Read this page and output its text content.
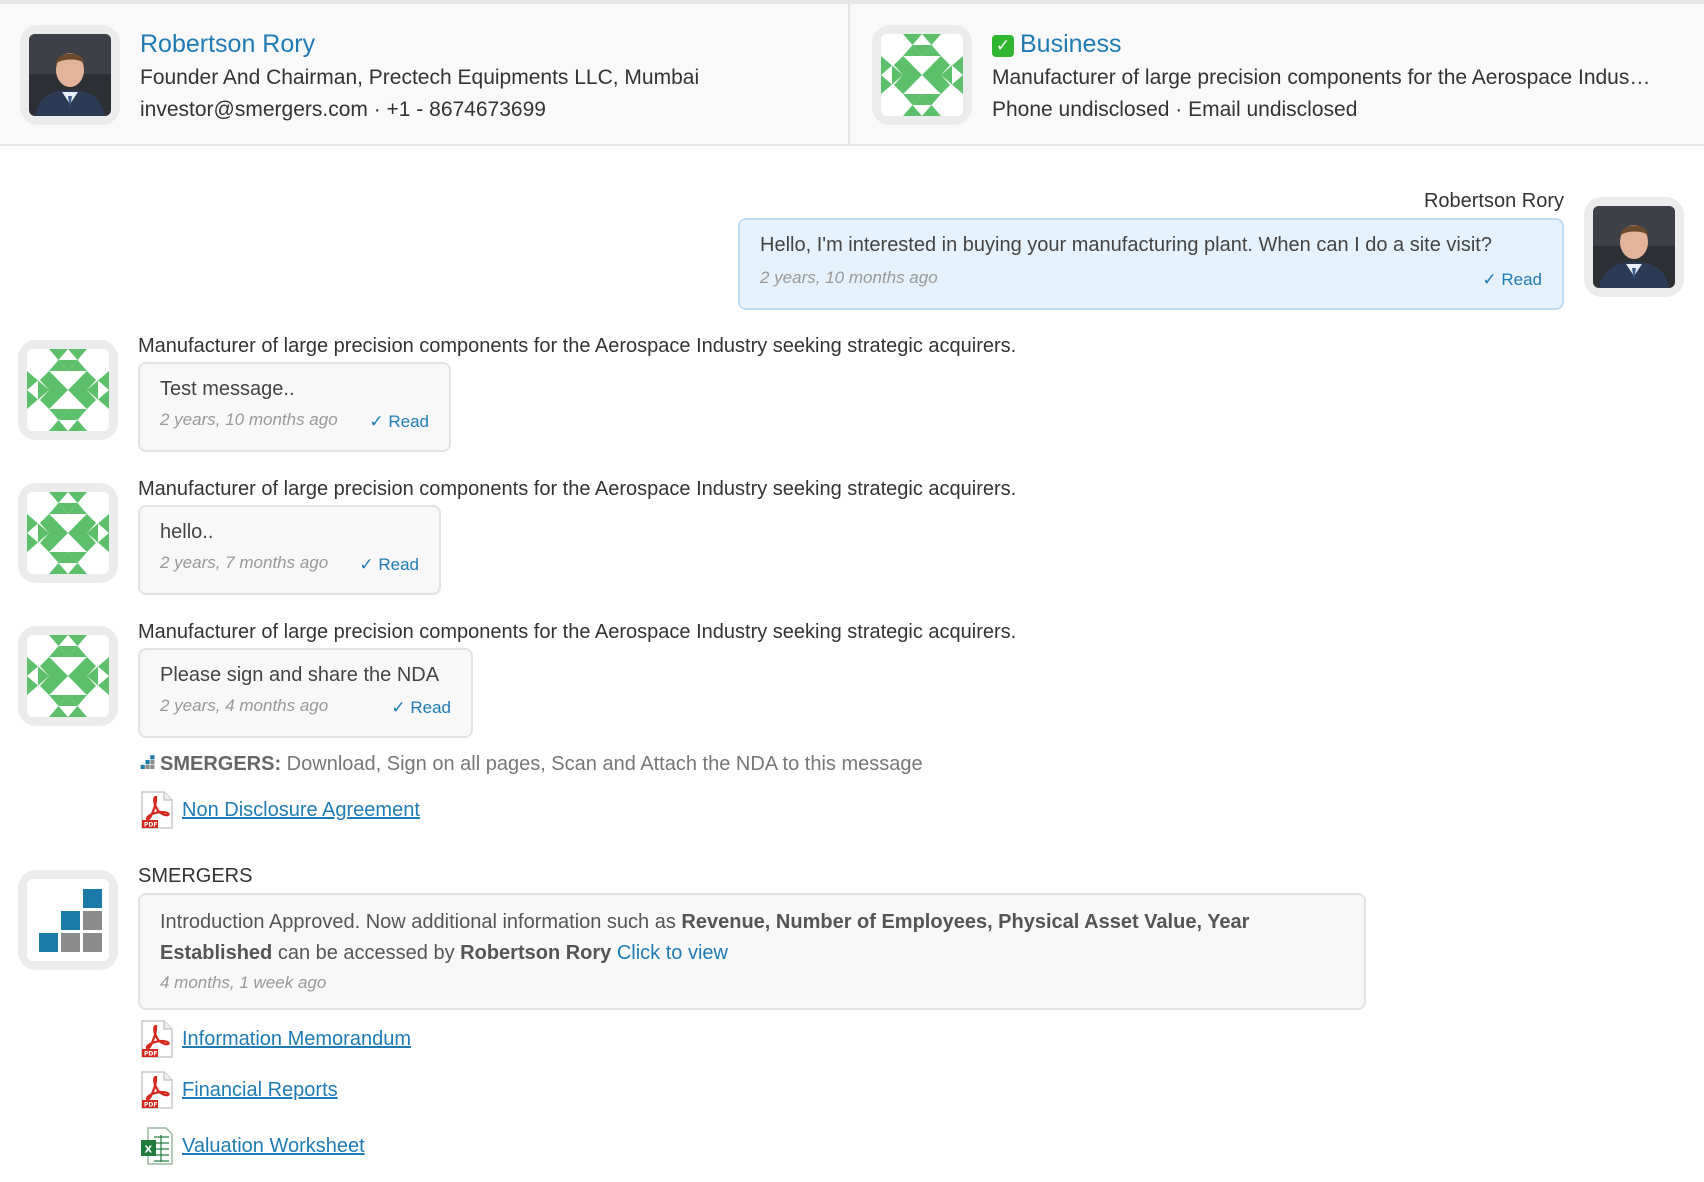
Robertson Rory
Founder And Chairman, Prectech Equipments LLC, Mumbai
investor@smergers.com · +1 - 8674673699
✓ Business
Manufacturer of large precision components for the Aerospace Indus…
Phone undisclosed · Email undisclosed
Robertson Rory
Hello, I'm interested in buying your manufacturing plant. When can I do a site visit?
2 years, 10 months ago	✓ Read
Manufacturer of large precision components for the Aerospace Industry seeking strategic acquirers.
Test message..
2 years, 10 months ago ✓ Read
Manufacturer of large precision components for the Aerospace Industry seeking strategic acquirers.
hello..
2 years, 7 months ago ✓ Read
Manufacturer of large precision components for the Aerospace Industry seeking strategic acquirers.
Please sign and share the NDA
2 years, 4 months ago	✓ Read
SMERGERS: Download, Sign on all pages, Scan and Attach the NDA to this message
Non Disclosure Agreement
SMERGERS
Introduction Approved. Now additional information such as Revenue, Number of Employees, Physical Asset Value, Year Established can be accessed by Robertson Rory Click to view
4 months, 1 week ago
Information Memorandum
Financial Reports
Valuation Worksheet
